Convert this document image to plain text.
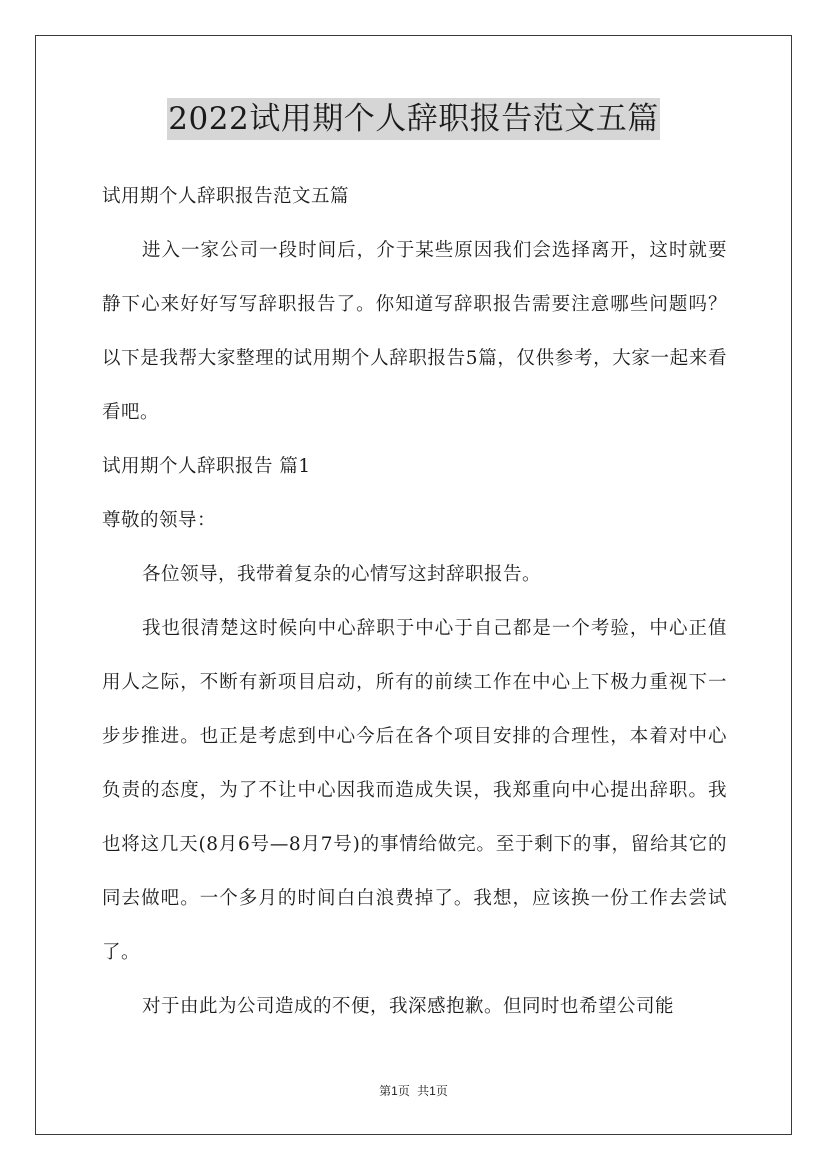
2022试用期个人辞职报告范文五篇

试用期个人辞职报告范文五篇

进入一家公司一段时间后，介于某些原因我们会选择离开，这时就要静下心来好好写写辞职报告了。你知道写辞职报告需要注意哪些问题吗？以下是我帮大家整理的试用期个人辞职报告5篇，仅供参考，大家一起来看看吧。

试用期个人辞职报告 篇1

尊敬的领导：

各位领导，我带着复杂的心情写这封辞职报告。

我也很清楚这时候向中心辞职于中心于自己都是一个考验，中心正值用人之际，不断有新项目启动，所有的前续工作在中心上下极力重视下一步步推进。也正是考虑到中心今后在各个项目安排的合理性，本着对中心负责的态度，为了不让中心因我而造成失误，我郑重向中心提出辞职。我也将这几天(8月6号—8月7号)的事情给做完。至于剩下的事，留给其它的同去做吧。一个多月的时间白白浪费掉了。我想，应该换一份工作去尝试了。

对于由此为公司造成的不便，我深感抱歉。但同时也希望公司能

第1页 共1页
